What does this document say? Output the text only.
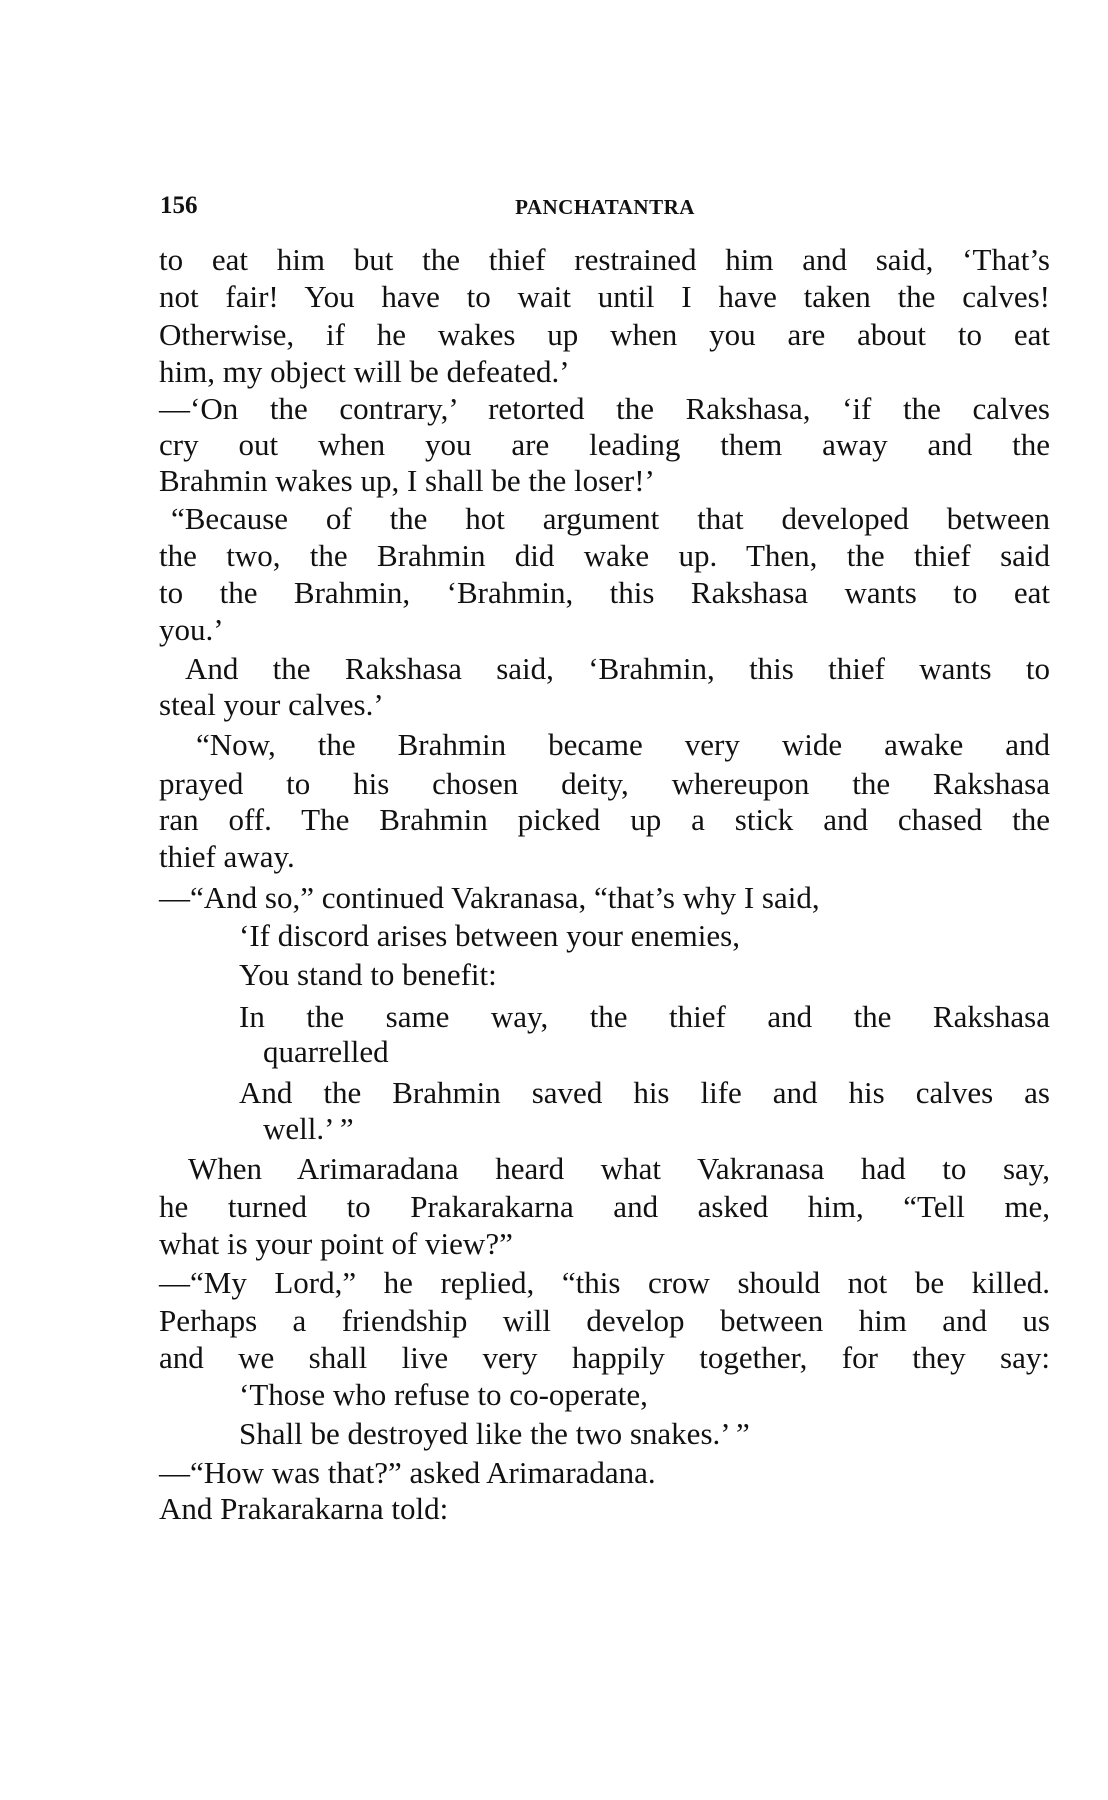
156	PANCHATANTRA
to eat him but the thief restrained him and said, ‘That’s
not fair! You have to wait until I have taken the calves!
Otherwise, if he wakes up when you are about to eat
him, my object will be defeated.’
—‘On the contrary,’ retorted the Rakshasa, ‘if the calves
cry out when you are leading them away and the
Brahmin wakes up, I shall be the loser!’
“Because of the hot argument that developed between
the two, the Brahmin did wake up. Then, the thief said
to the Brahmin, ‘Brahmin, this Rakshasa wants to eat
you.’
And the Rakshasa said, ‘Brahmin, this thief wants to
steal your calves.’
“Now, the Brahmin became very wide awake and
prayed to his chosen deity, whereupon the Rakshasa
ran off. The Brahmin picked up a stick and chased the
thief away.
—“And so,” continued Vakranasa, “that’s why I said,
‘If discord arises between your enemies,
You stand to benefit:
In the same way, the thief and the Rakshasa
quarrelled
And the Brahmin saved his life and his calves as
well.’ ”
When Arimaradana heard what Vakranasa had to say,
he turned to Prakarakarna and asked him, “Tell me,
what is your point of view?”
—“My Lord,” he replied, “this crow should not be killed.
Perhaps a friendship will develop between him and us
and we shall live very happily together, for they say:
‘Those who refuse to co-operate,
Shall be destroyed like the two snakes.’ ”
—“How was that?” asked Arimaradana.
And Prakarakarna told:
